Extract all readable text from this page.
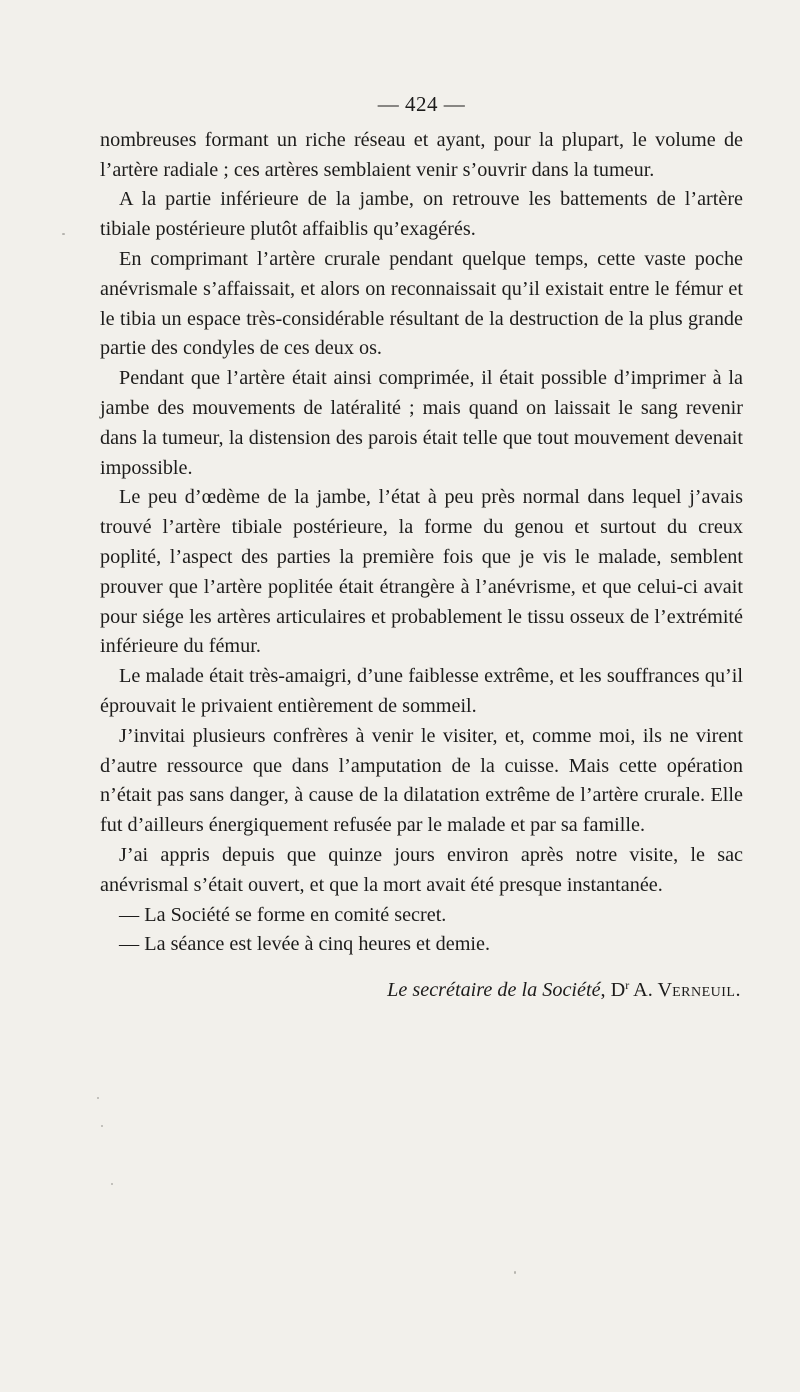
— 424 —

nombreuses formant un riche réseau et ayant, pour la plupart, le volume de l’artère radiale ; ces artères semblaient venir s’ouvrir dans la tumeur.

A la partie inférieure de la jambe, on retrouve les battements de l’artère tibiale postérieure plutôt affaiblis qu’exagérés.

En comprimant l’artère crurale pendant quelque temps, cette vaste poche anévrismale s’affaissait, et alors on reconnaissait qu’il existait entre le fémur et le tibia un espace très-considérable résultant de la destruction de la plus grande partie des condyles de ces deux os.

Pendant que l’artère était ainsi comprimée, il était possible d’imprimer à la jambe des mouvements de latéralité ; mais quand on laissait le sang revenir dans la tumeur, la distension des parois était telle que tout mouvement devenait impossible.

Le peu d’œdème de la jambe, l’état à peu près normal dans lequel j’avais trouvé l’artère tibiale postérieure, la forme du genou et surtout du creux poplité, l’aspect des parties la première fois que je vis le malade, semblent prouver que l’artère poplitée était étrangère à l’anévrisme, et que celui-ci avait pour siége les artères articulaires et probablement le tissu osseux de l’extrémité inférieure du fémur.

Le malade était très-amaigri, d’une faiblesse extrême, et les souffrances qu’il éprouvait le privaient entièrement de sommeil.

J’invitai plusieurs confrères à venir le visiter, et, comme moi, ils ne virent d’autre ressource que dans l’amputation de la cuisse. Mais cette opération n’était pas sans danger, à cause de la dilatation extrême de l’artère crurale. Elle fut d’ailleurs énergiquement refusée par le malade et par sa famille.

J’ai appris depuis que quinze jours environ après notre visite, le sac anévrismal s’était ouvert, et que la mort avait été presque instantanée.

— La Société se forme en comité secret.

— La séance est levée à cinq heures et demie.

Le secrétaire de la Société, $D^r$ A. Verneuil.
